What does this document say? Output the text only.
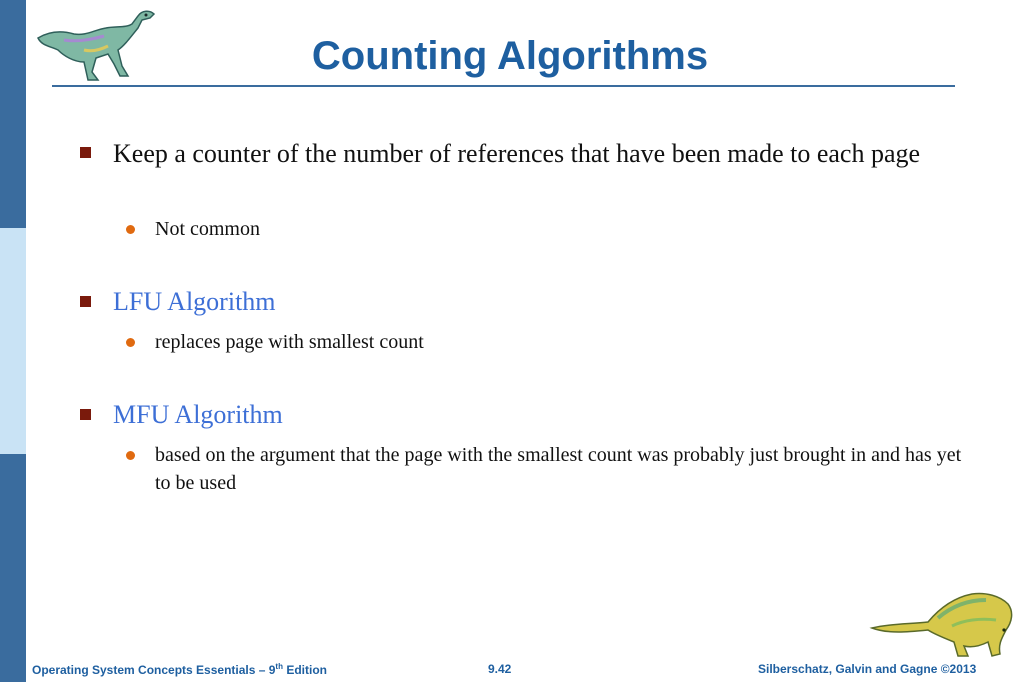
Counting Algorithms

Keep a counter of the number of references that have been made to each page

Not common

LFU Algorithm

replaces page with smallest count

MFU Algorithm

based on the argument that the page with the smallest count was probably just brought in and has yet to be used

Operating System Concepts Essentials – 9th Edition	9.42	Silberschatz, Galvin and Gagne ©2013
